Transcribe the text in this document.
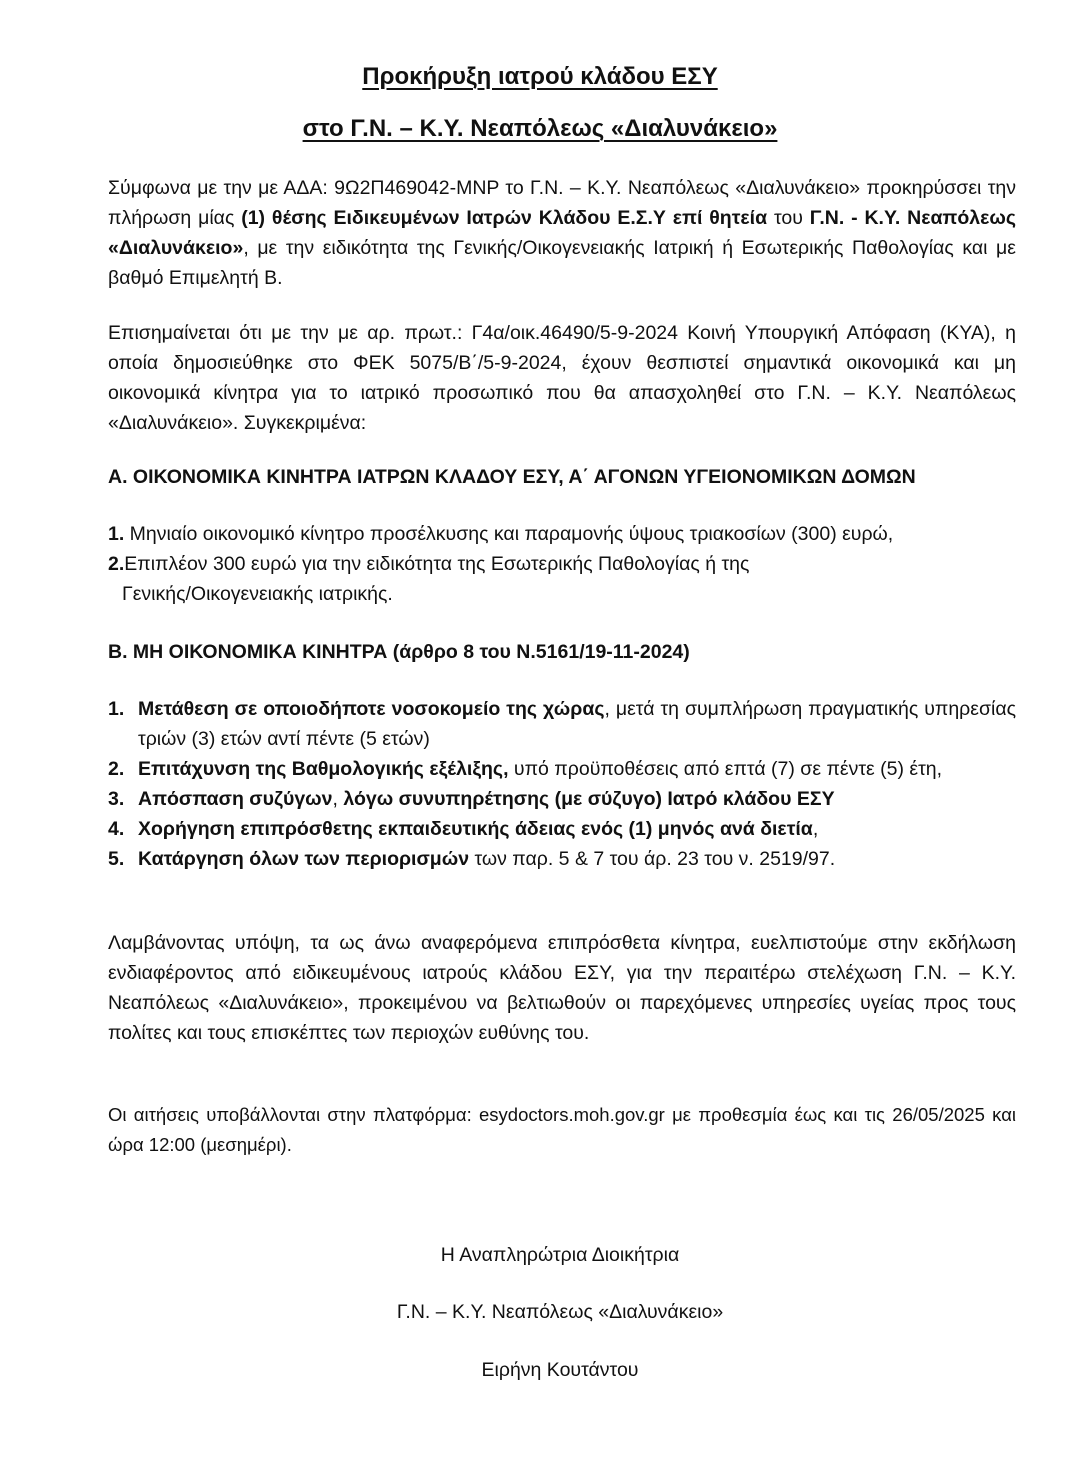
Προκήρυξη ιατρού κλάδου ΕΣΥ
στο Γ.Ν. – Κ.Υ. Νεαπόλεως «Διαλυνάκειο»
Σύμφωνα με την με ΑΔΑ: 9Ω2Π469042-ΜΝΡ το Γ.Ν. – Κ.Υ. Νεαπόλεως «Διαλυνάκειο» προκηρύσσει την πλήρωση μίας (1) θέσης Ειδικευμένων Ιατρών Κλάδου Ε.Σ.Υ επί θητεία του Γ.Ν. - Κ.Υ. Νεαπόλεως «Διαλυνάκειο», με την ειδικότητα της Γενικής/Οικογενειακής Ιατρική ή Εσωτερικής Παθολογίας και με βαθμό Επιμελητή Β.
Επισημαίνεται ότι με την με αρ. πρωτ.: Γ4α/οικ.46490/5-9-2024 Κοινή Υπουργική Απόφαση (ΚΥΑ), η οποία δημοσιεύθηκε στο ΦΕΚ 5075/Β΄/5-9-2024, έχουν θεσπιστεί σημαντικά οικονομικά και μη οικονομικά κίνητρα για το ιατρικό προσωπικό που θα απασχοληθεί στο Γ.Ν. – Κ.Υ. Νεαπόλεως «Διαλυνάκειο». Συγκεκριμένα:
Α. ΟΙΚΟΝΟΜΙΚΑ ΚΙΝΗΤΡΑ ΙΑΤΡΩΝ ΚΛΑΔΟΥ ΕΣΥ, Α΄ ΑΓΟΝΩΝ ΥΓΕΙΟΝΟΜΙΚΩΝ ΔΟΜΩΝ
1. Μηνιαίο οικονομικό κίνητρο προσέλκυσης και παραμονής ύψους τριακοσίων (300) ευρώ,
2.Επιπλέον 300 ευρώ για την ειδικότητα της Εσωτερικής Παθολογίας ή της
Γενικής/Οικογενειακής ιατρικής.
Β. ΜΗ ΟΙΚΟΝΟΜΙΚΑ ΚΙΝΗΤΡΑ (άρθρο 8 του Ν.5161/19-11-2024)
1. Μετάθεση σε οποιοδήποτε νοσοκομείο της χώρας, μετά τη συμπλήρωση πραγματικής υπηρεσίας τριών (3) ετών αντί πέντε (5 ετών)
2. Επιτάχυνση της Βαθμολογικής εξέλιξης, υπό προϋποθέσεις από επτά (7) σε πέντε (5) έτη,
3. Απόσπαση συζύγων, λόγω συνυπηρέτησης (με σύζυγο) Ιατρό κλάδου ΕΣΥ
4. Χορήγηση επιπρόσθετης εκπαιδευτικής άδειας ενός (1) μηνός ανά διετία,
5. Κατάργηση όλων των περιορισμών των παρ. 5 & 7 του άρ. 23 του ν. 2519/97.
Λαμβάνοντας υπόψη, τα ως άνω αναφερόμενα επιπρόσθετα κίνητρα, ευελπιστούμε στην εκδήλωση ενδιαφέροντος από ειδικευμένους ιατρούς κλάδου ΕΣΥ, για την περαιτέρω στελέχωση Γ.Ν. – Κ.Υ. Νεαπόλεως «Διαλυνάκειο», προκειμένου να βελτιωθούν οι παρεχόμενες υπηρεσίες υγείας προς τους πολίτες και τους επισκέπτες των περιοχών ευθύνης του.
Οι αιτήσεις υποβάλλονται στην πλατφόρμα: esydoctors.moh.gov.gr με προθεσμία έως και τις 26/05/2025 και ώρα 12:00 (μεσημέρι).
Η Αναπληρώτρια Διοικήτρια
Γ.Ν. – Κ.Υ. Νεαπόλεως «Διαλυνάκειο»
Ειρήνη Κουτάντου
